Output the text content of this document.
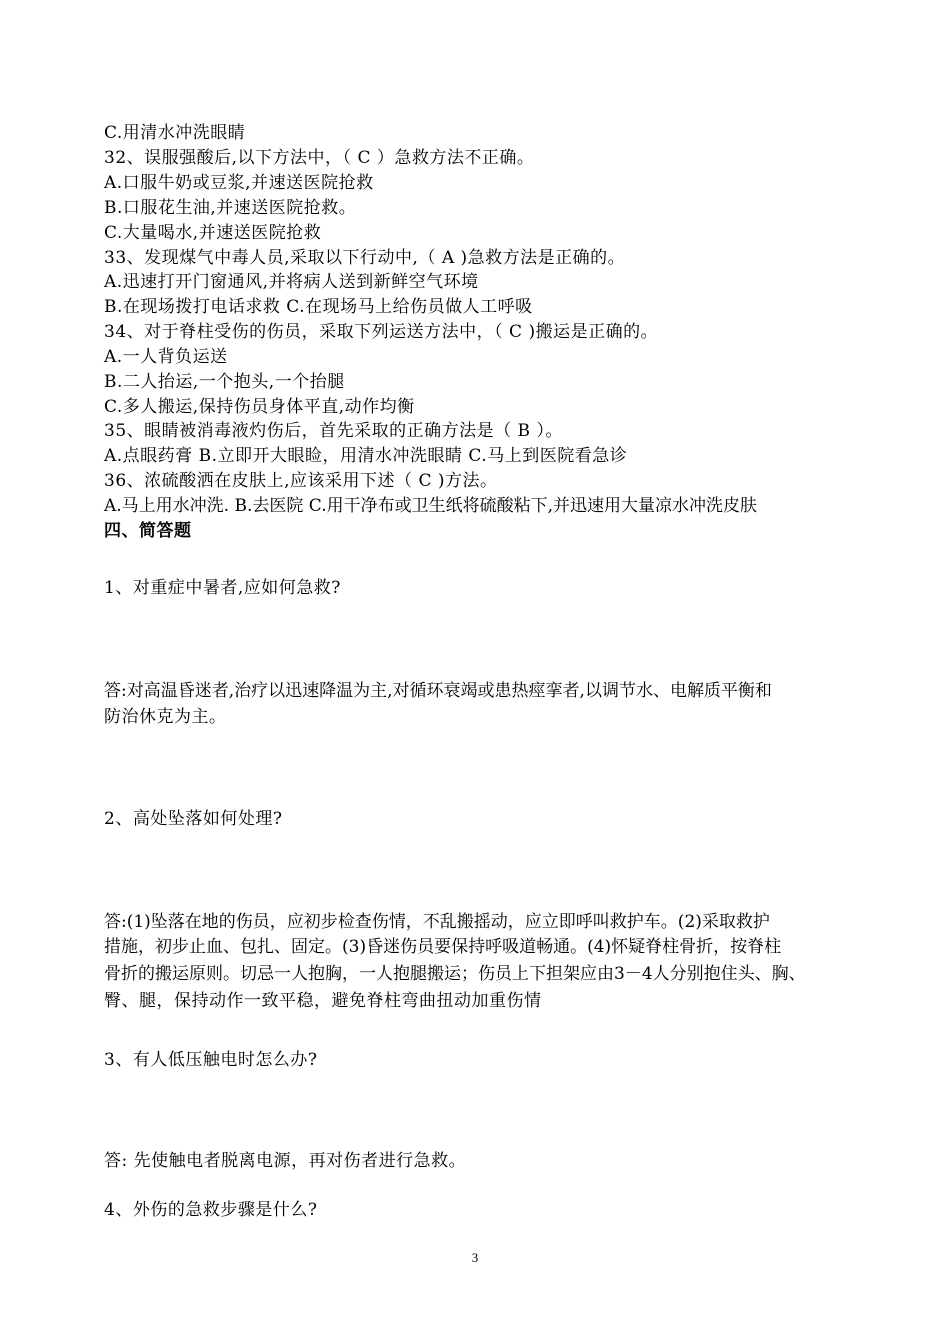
C.用清水冲洗眼睛
32、误服强酸后,以下方法中，（ C ）急救方法不正确。
A.口服牛奶或豆浆,并速送医院抢救
B.口服花生油,并速送医院抢救。
C.大量喝水,并速送医院抢救
33、发现煤气中毒人员,采取以下行动中,（ A )急救方法是正确的。
A.迅速打开门窗通风,并将病人送到新鲜空气环境
B.在现场拨打电话求救 C.在现场马上给伤员做人工呼吸
34、对于脊柱受伤的伤员，采取下列运送方法中，（ C )搬运是正确的。
A.一人背负运送
B.二人抬运,一个抱头,一个抬腿
C.多人搬运,保持伤员身体平直,动作均衡
35、眼睛被消毒液灼伤后，首先采取的正确方法是（ B ）。
A.点眼药膏 B.立即开大眼睑，用清水冲洗眼睛 C.马上到医院看急诊
36、浓硫酸洒在皮肤上,应该采用下述（ C )方法。
A.马上用水冲洗. B.去医院 C.用干净布或卫生纸将硫酸粘下,并迅速用大量凉水冲洗皮肤
四、简答题
1、对重症中暑者,应如何急救?
答:对高温昏迷者,治疗以迅速降温为主,对循环衰竭或患热痙挛者,以调节水、电解质平衡和
防治休克为主。
2、高处坠落如何处理?
答:(1)坠落在地的伤员，应初步检查伤情，不乱搬摇动，应立即呼叫救护车。(2)采取救护
措施，初步止血、包扎、固定。(3)昏迷伤员要保持呼吸道畅通。(4)怀疑脊柱骨折，按脊柱
骨折的搬运原则。切忌一人抱胸，一人抱腿搬运；伤员上下担架应由3－4人分别抱住头、胸、
臀、腿，保持动作一致平稳，避免脊柱弯曲扭动加重伤情
3、有人低压触电时怎么办?
答: 先使触电者脱离电源，再对伤者进行急救。
4、外伤的急救步骤是什么?
3
